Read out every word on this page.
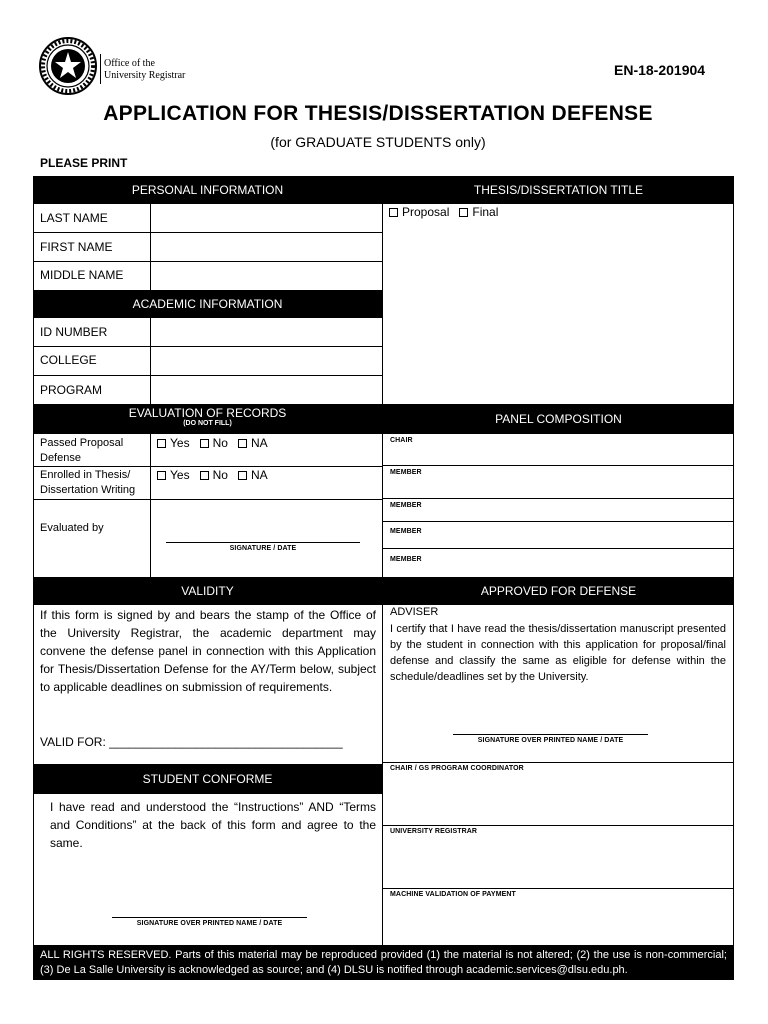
Office of the
University Registrar	EN-18-201904
APPLICATION FOR THESIS/DISSERTATION DEFENSE
(for GRADUATE STUDENTS only)
PLEASE PRINT
PERSONAL INFORMATION
LAST NAME
FIRST NAME
MIDDLE NAME
ACADEMIC INFORMATION
ID NUMBER
COLLEGE
PROGRAM
EVALUATION OF RECORDS
(DO NOT FILL)
Passed Proposal Defense
Yes No NA
Enrolled in Thesis/ Dissertation Writing
Yes No NA
Evaluated by
SIGNATURE / DATE
VALIDITY
If this form is signed by and bears the stamp of the Office of the University Registrar, the academic department may convene the defense panel in connection with this Application for Thesis/Dissertation Defense for the AY/Term below, subject to applicable deadlines on submission of requirements.
VALID FOR: ___________________________________
STUDENT CONFORME
I have read and understood the “Instructions” AND “Terms and Conditions” at the back of this form and agree to the same.
SIGNATURE OVER PRINTED NAME / DATE
THESIS/DISSERTATION TITLE
Proposal Final
PANEL COMPOSITION
CHAIR
MEMBER
MEMBER
MEMBER
MEMBER
APPROVED FOR DEFENSE
ADVISER
I certify that I have read the thesis/dissertation manuscript presented by the student in connection with this application for proposal/final defense and classify the same as eligible for defense within the schedule/deadlines set by the University.
SIGNATURE OVER PRINTED NAME / DATE
CHAIR / GS PROGRAM COORDINATOR
UNIVERSITY REGISTRAR
MACHINE VALIDATION OF PAYMENT
ALL RIGHTS RESERVED. Parts of this material may be reproduced provided (1) the material is not altered; (2) the use is non-commercial; (3) De La Salle University is acknowledged as source; and (4) DLSU is notified through academic.services@dlsu.edu.ph.
